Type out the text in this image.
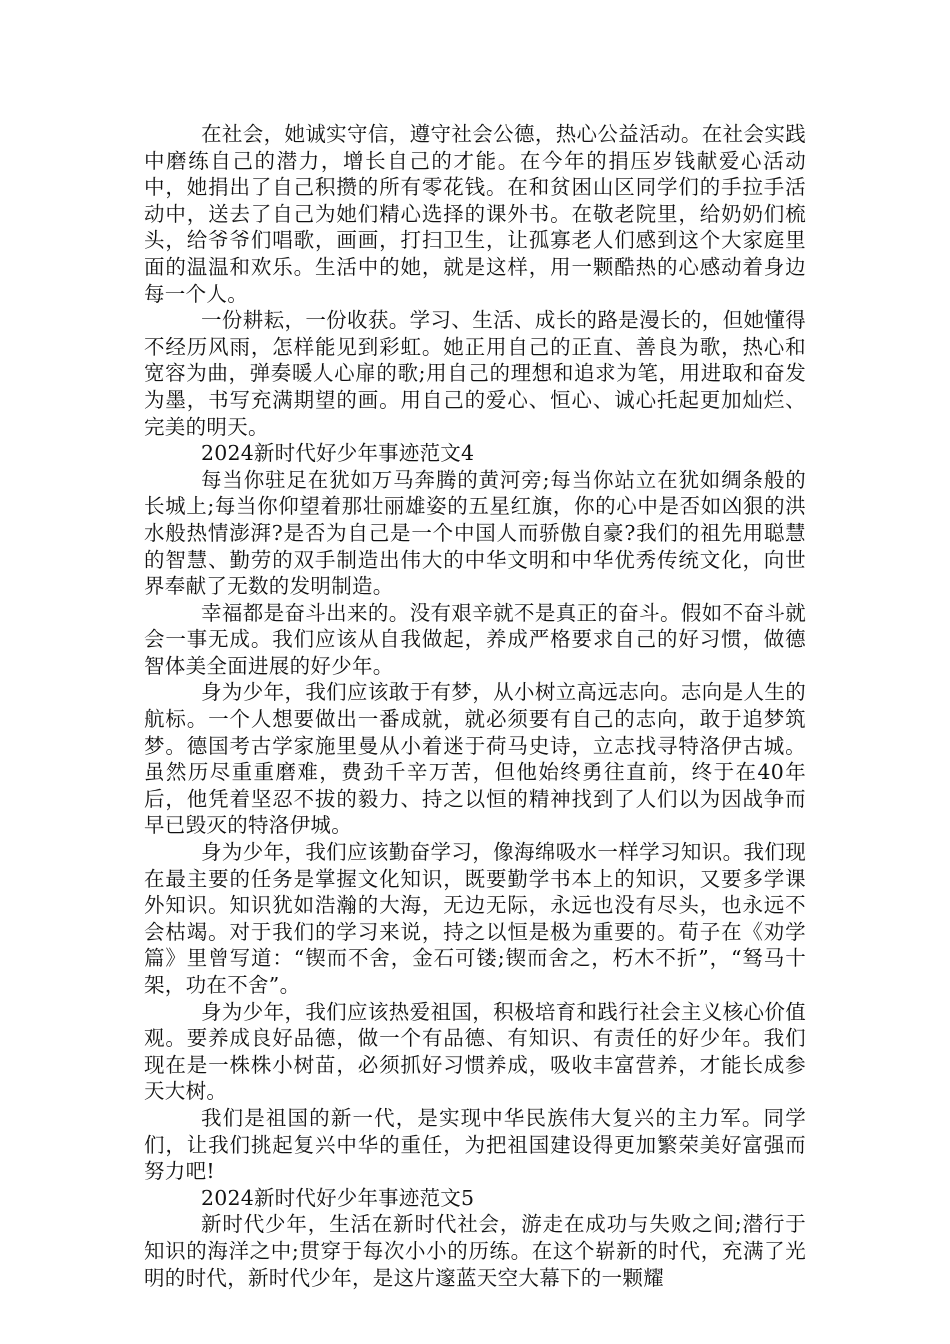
在社会，她诚实守信，遵守社会公德，热心公益活动。在社会实践中磨练自己的潜力，增长自己的才能。在今年的捐压岁钱献爱心活动中，她捐出了自己积攒的所有零花钱。在和贫困山区同学们的手拉手活动中，送去了自己为她们精心选择的课外书。在敬老院里，给奶奶们梳头，给爷爷们唱歌，画画，打扫卫生，让孤寡老人们感到这个大家庭里面的温温和欢乐。生活中的她，就是这样，用一颗酷热的心感动着身边每一个人。

一份耕耘，一份收获。学习、生活、成长的路是漫长的，但她懂得不经历风雨，怎样能见到彩虹。她正用自己的正直、善良为歌，热心和宽容为曲，弹奏暖人心扉的歌;用自己的理想和追求为笔，用进取和奋发为墨，书写充满期望的画。用自己的爱心、恒心、诚心托起更加灿烂、完美的明天。

2024新时代好少年事迹范文4

每当你驻足在犹如万马奔腾的黄河旁;每当你站立在犹如绸条般的长城上;每当你仰望着那壮丽雄姿的五星红旗，你的心中是否如凶狠的洪水般热情澎湃?是否为自己是一个中国人而骄傲自豪?我们的祖先用聪慧的智慧、勤劳的双手制造出伟大的中华文明和中华优秀传统文化，向世界奉献了无数的发明制造。

幸福都是奋斗出来的。没有艰辛就不是真正的奋斗。假如不奋斗就会一事无成。我们应该从自我做起，养成严格要求自己的好习惯，做德智体美全面进展的好少年。

身为少年，我们应该敢于有梦，从小树立高远志向。志向是人生的航标。一个人想要做出一番成就，就必须要有自己的志向，敢于追梦筑梦。德国考古学家施里曼从小着迷于荷马史诗，立志找寻特洛伊古城。虽然历尽重重磨难，费劲千辛万苦，但他始终勇往直前，终于在40年后，他凭着坚忍不拔的毅力、持之以恒的精神找到了人们以为因战争而早已毁灭的特洛伊城。

身为少年，我们应该勤奋学习，像海绵吸水一样学习知识。我们现在最主要的任务是掌握文化知识，既要勤学书本上的知识，又要多学课外知识。知识犹如浩瀚的大海，无边无际，永远也没有尽头，也永远不会枯竭。对于我们的学习来说，持之以恒是极为重要的。荀子在《劝学篇》里曾写道：“锲而不舍，金石可镂;锲而舍之，朽木不折”，“驽马十架，功在不舍”。

身为少年，我们应该热爱祖国，积极培育和践行社会主义核心价值观。要养成良好品德，做一个有品德、有知识、有责任的好少年。我们现在是一株株小树苗，必须抓好习惯养成，吸收丰富营养，才能长成参天大树。

我们是祖国的新一代，是实现中华民族伟大复兴的主力军。同学们，让我们挑起复兴中华的重任，为把祖国建设得更加繁荣美好富强而努力吧!

2024新时代好少年事迹范文5

新时代少年，生活在新时代社会，游走在成功与失败之间;潜行于知识的海洋之中;贯穿于每次小小的历练。在这个崭新的时代，充满了光明的时代，新时代少年，是这片邃蓝天空大幕下的一颗耀
